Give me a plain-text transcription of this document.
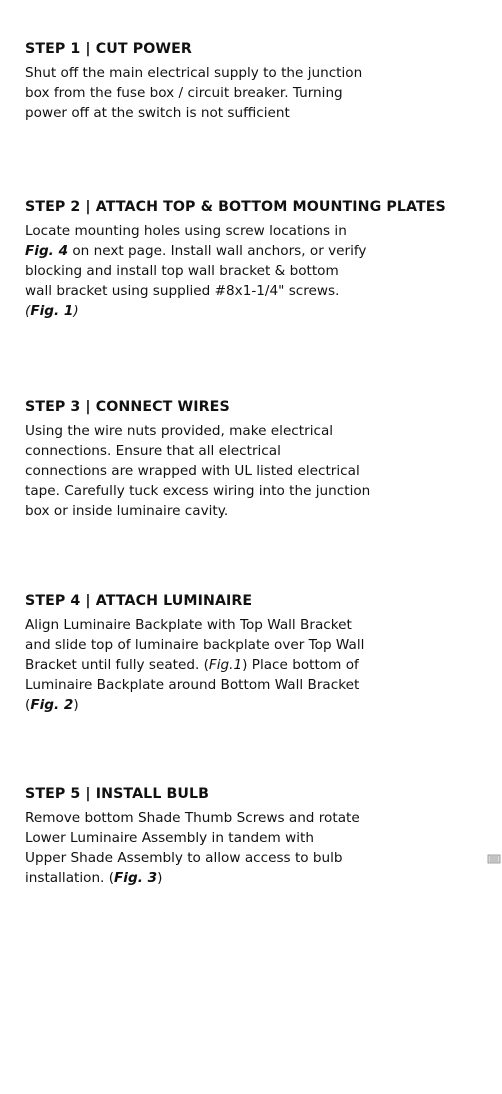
STEP 1 | CUT POWER
Shut off the main electrical supply to the junction
box from the fuse box / circuit breaker. Turning
power off at the switch is not sufficient
STEP 2 | ATTACH TOP & BOTTOM MOUNTING PLATES
Locate mounting holes using screw locations in
Fig. 4 on next page. Install wall anchors, or verify
blocking and install top wall bracket & bottom
wall bracket using supplied #8x1-1/4" screws.
(Fig. 1)
STEP 3 | CONNECT WIRES
Using the wire nuts provided, make electrical
connections. Ensure that all electrical
connections are wrapped with UL listed electrical
tape. Carefully tuck excess wiring into the junction
box or inside luminaire cavity.
STEP 4 | ATTACH LUMINAIRE
Align Luminaire Backplate with Top Wall Bracket
and slide top of luminaire backplate over Top Wall
Bracket until fully seated. (Fig.1) Place bottom of
Luminaire Backplate around Bottom Wall Bracket
(Fig. 2)
STEP 5 | INSTALL BULB
Remove bottom Shade Thumb Screws and rotate
Lower Luminaire Assembly in tandem with
Upper Shade Assembly to allow access to bulb
installation. (Fig. 3)
